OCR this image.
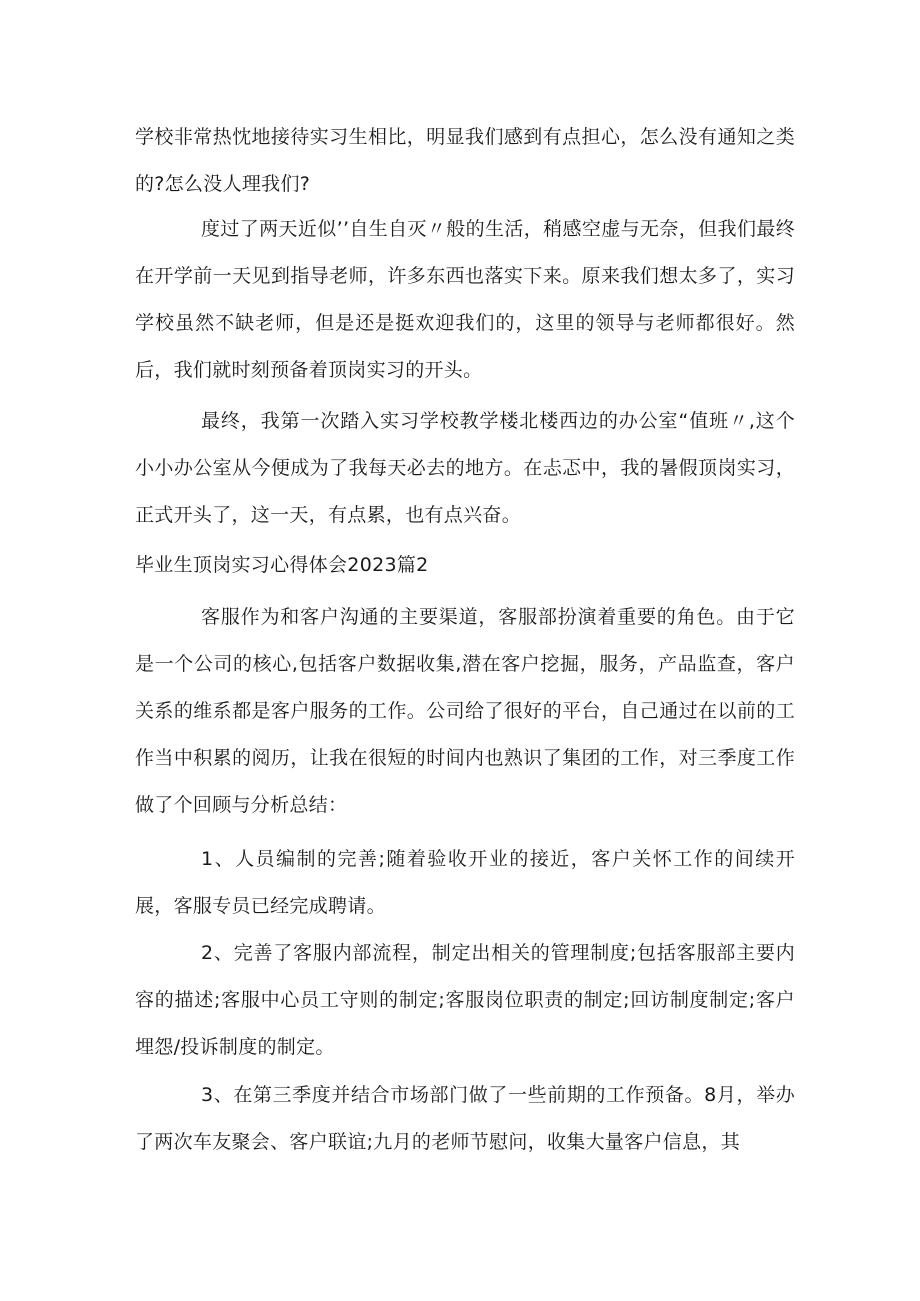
学校非常热忱地接待实习生相比，明显我们感到有点担心，怎么没有通知之类的?怎么没人理我们?

度过了两天近似’’自生自灭〃般的生活，稍感空虚与无奈，但我们最终在开学前一天见到指导老师，许多东西也落实下来。原来我们想太多了，实习学校虽然不缺老师，但是还是挺欢迎我们的，这里的领导与老师都很好。然后，我们就时刻预备着顶岗实习的开头。

最终，我第一次踏入实习学校教学楼北楼西边的办公室“值班〃,这个小小办公室从今便成为了我每天必去的地方。在忐忑中，我的暑假顶岗实习，正式开头了，这一天，有点累，也有点兴奋。

毕业生顶岗实习心得体会2023篇2

客服作为和客户沟通的主要渠道，客服部扮演着重要的角色。由于它是一个公司的核心,包括客户数据收集,潜在客户挖掘，服务，产品监查，客户关系的维系都是客户服务的工作。公司给了很好的平台，自己通过在以前的工作当中积累的阅历，让我在很短的时间内也熟识了集团的工作，对三季度工作做了个回顾与分析总结：

1、人员编制的完善;随着验收开业的接近，客户关怀工作的间续开展，客服专员已经完成聘请。

2、完善了客服内部流程，制定出相关的管理制度;包括客服部主要内容的描述;客服中心员工守则的制定;客服岗位职责的制定;回访制度制定;客户埋怨/投诉制度的制定。

3、在第三季度并结合市场部门做了一些前期的工作预备。8月，举办了两次车友聚会、客户联谊;九月的老师节慰问，收集大量客户信息，其
